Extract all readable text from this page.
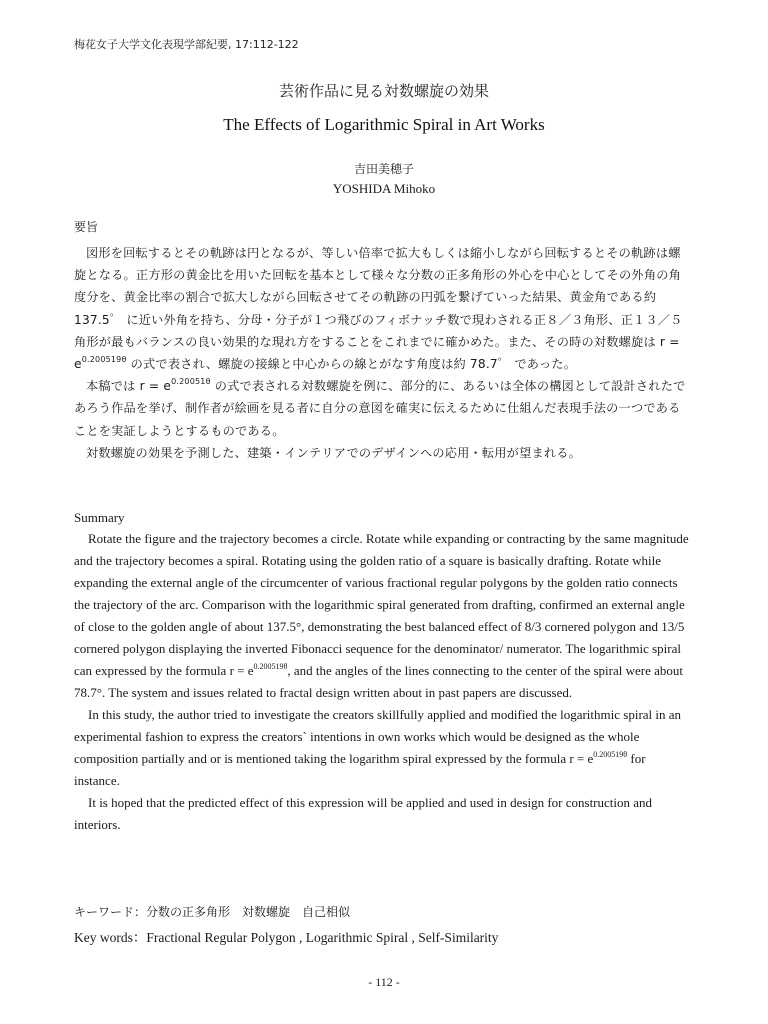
梅花女子大学文化表現学部紀要, 17:112-122
芸術作品に見る対数螺旋の効果
The Effects of Logarithmic Spiral in Art Works
吉田美穂子
YOSHIDA Mihoko
要旨

図形を回転するとその軌跡は円となるが、等しい倍率で拡大もしくは縮小しながら回転するとその軌跡は螺旋となる。正方形の黄金比を用いた回転を基本として様々な分数の正多角形の外心を中心としてその外角の角度分を、黄金比率の割合で拡大しながら回転させてその軌跡の円弧を繋げていった結果、黄金角である約 137.5゜ に近い外角を持ち、分母・分子が１つ飛びのフィボナッチ数で現わされる正８／３角形、正１３／５角形が最もバランスの良い効果的な現れ方をすることをこれまでに確かめた。また、その時の対数螺旋は $r = e^{0.200519\theta}$ の式で表され、螺旋の接線と中心からの線とがなす角度は約 78.7゜ であった。

本稿では $r = e^{0.20051\theta}$ の式で表される対数螺旋を例に、部分的に、あるいは全体の構図として設計されたであろう作品を挙げ、制作者が絵画を見る者に自分の意図を確実に伝えるために仕組んだ表現手法の一つであることを実証しようとするものである。

対数螺旋の効果を予測した、建築・インテリアでのデザインへの応用・転用が望まれる。

Summary

Rotate the figure and the trajectory becomes a circle. Rotate while expanding or contracting by the same magnitude and the trajectory becomes a spiral. Rotating using the golden ratio of a square is basically drafting. Rotate while expanding the external angle of the circumcenter of various fractional regular polygons by the golden ratio connects the trajectory of the arc. Comparison with the logarithmic spiral generated from drafting, confirmed an external angle of close to the golden angle of about 137.5°, demonstrating the best balanced effect of 8/3 cornered polygon and 13/5 cornered polygon displaying the inverted Fibonacci sequence for the denominator/ numerator. The logarithmic spiral can expressed by the formula $r = e^{0.200519\theta}$, and the angles of the lines connecting to the center of the spiral were about 78.7°. The system and issues related to fractal design written about in past papers are discussed.

In this study, the author tried to investigate the creators skillfully applied and modified the logarithmic spiral in an experimental fashion to express the creators` intentions in own works which would be designed as the whole composition partially and or is mentioned taking the logarithm spiral expressed by the formula $r = e^{0.200519\theta}$ for instance.

It is hoped that the predicted effect of this expression will be applied and used in design for construction and interiors.

キーワード：分数の正多角形　対数螺旋　自己相似
Key words：Fractional Regular Polygon , Logarithmic Spiral , Self-Similarity
- 112 -
